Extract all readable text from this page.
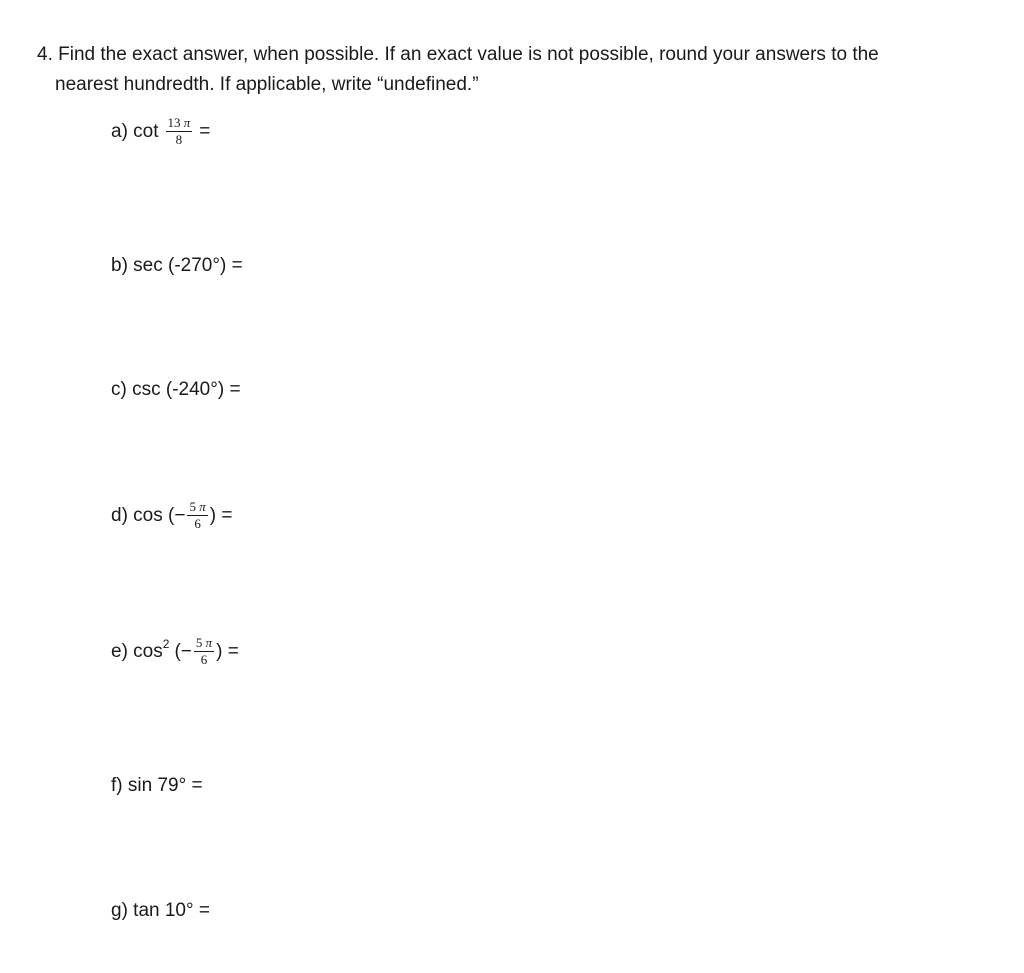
4. Find the exact answer, when possible. If an exact value is not possible, round your answers to the
nearest hundredth. If applicable, write “undefined.”
a) $\cot \frac{13 \pi}{8}$ =
b) sec (-270°) =
c) csc (-240°) =
d) cos (− $\frac{5 \pi}{6}$ ) =
e) cos 2 (− $\frac{5 \pi}{6}$ ) =
f) sin 79° =
g) tan 10° =
